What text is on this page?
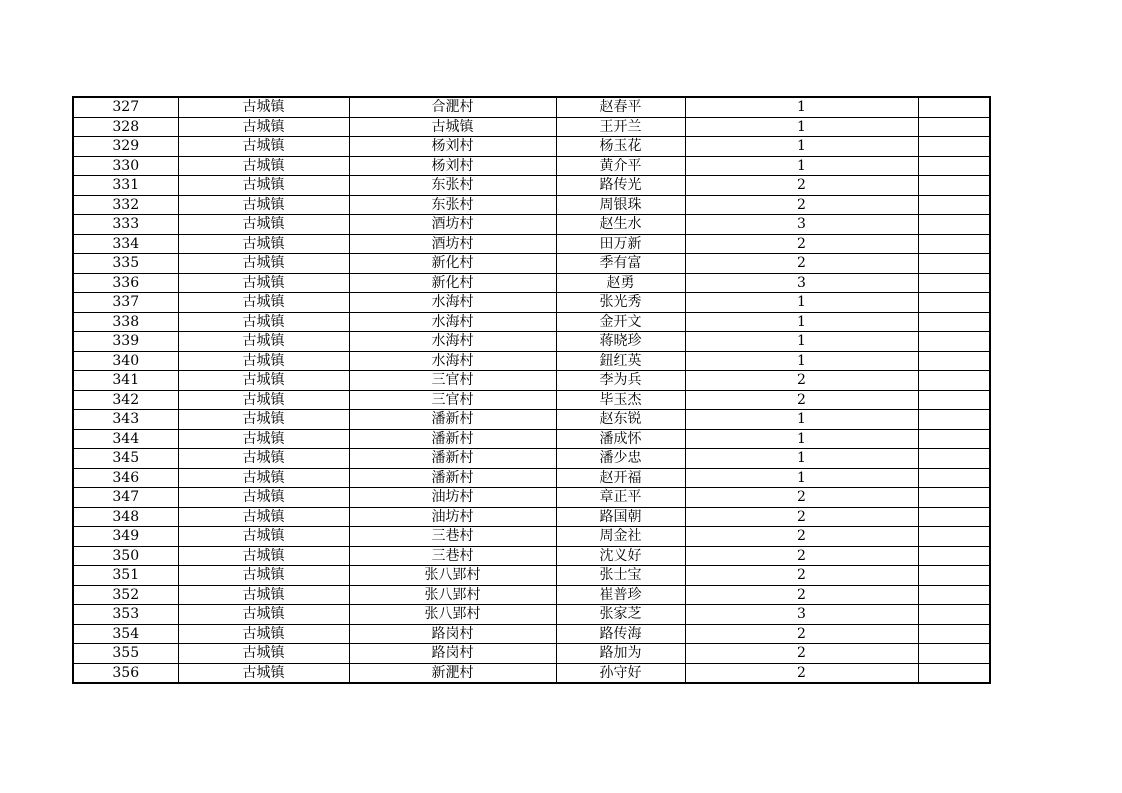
327	古城镇	合淝村	赵春平	1	
328	古城镇	古城镇	王开兰	1	
329	古城镇	杨刘村	杨玉花	1	
330	古城镇	杨刘村	黄介平	1	
331	古城镇	东张村	路传光	2	
332	古城镇	东张村	周银珠	2	
333	古城镇	酒坊村	赵生水	3	
334	古城镇	酒坊村	田万新	2	
335	古城镇	新化村	季有富	2	
336	古城镇	新化村	赵勇	3	
337	古城镇	水海村	张光秀	1	
338	古城镇	水海村	金开文	1	
339	古城镇	水海村	蒋晓珍	1	
340	古城镇	水海村	鈕红英	1	
341	古城镇	三官村	李为兵	2	
342	古城镇	三官村	毕玉杰	2	
343	古城镇	潘新村	赵东锐	1	
344	古城镇	潘新村	潘成怀	1	
345	古城镇	潘新村	潘少忠	1	
346	古城镇	潘新村	赵开福	1	
347	古城镇	油坊村	章正平	2	
348	古城镇	油坊村	路国朝	2	
349	古城镇	三巷村	周金社	2	
350	古城镇	三巷村	沈义好	2	
351	古城镇	张八郢村	张士宝	2	
352	古城镇	张八郢村	崔普珍	2	
353	古城镇	张八郢村	张家芝	3	
354	古城镇	路岗村	路传海	2	
355	古城镇	路岗村	路加为	2	
356	古城镇	新淝村	孙守好	2	
